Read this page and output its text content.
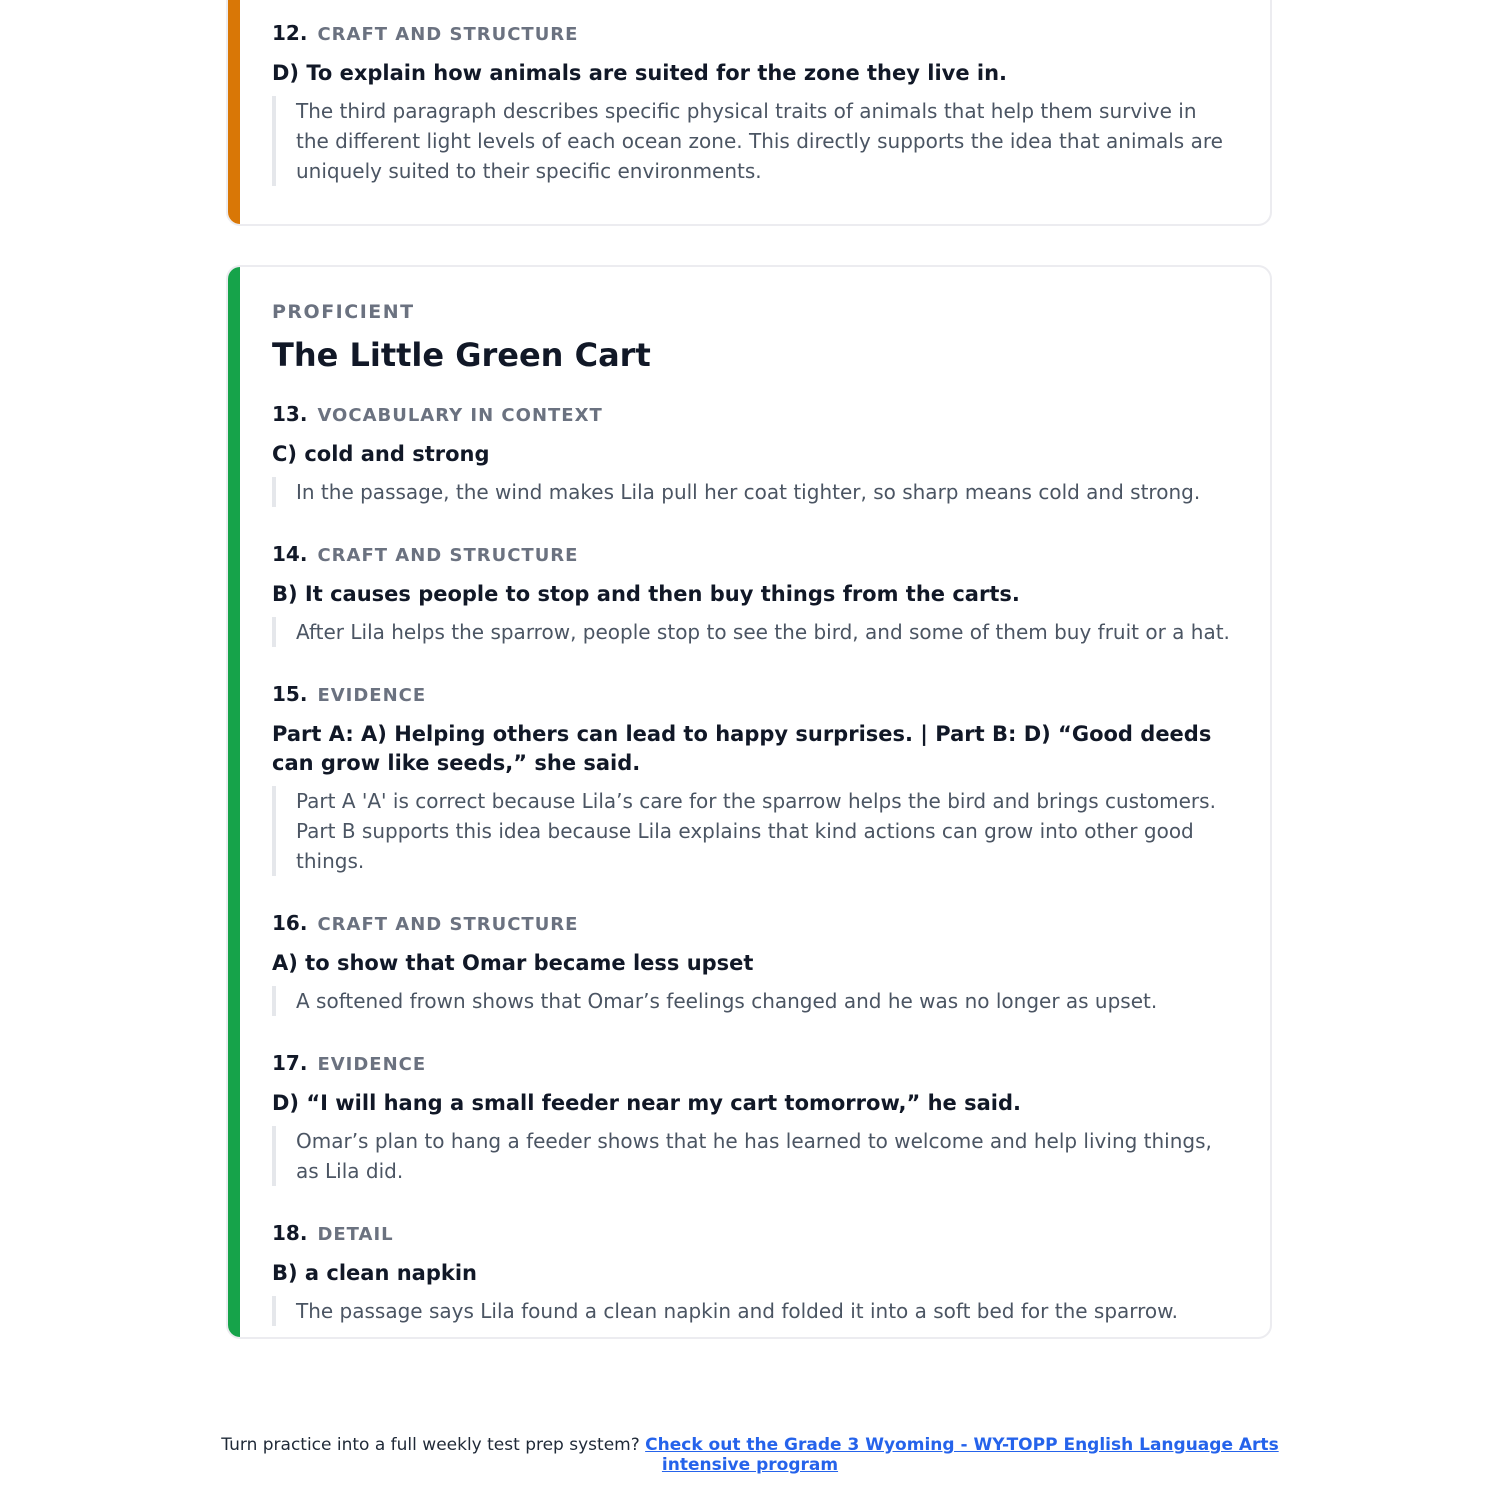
12. CRAFT AND STRUCTURE
D) To explain how animals are suited for the zone they live in.
The third paragraph describes specific physical traits of animals that help them survive in the different light levels of each ocean zone. This directly supports the idea that animals are uniquely suited to their specific environments.
PROFICIENT
The Little Green Cart
13. VOCABULARY IN CONTEXT
C) cold and strong
In the passage, the wind makes Lila pull her coat tighter, so sharp means cold and strong.
14. CRAFT AND STRUCTURE
B) It causes people to stop and then buy things from the carts.
After Lila helps the sparrow, people stop to see the bird, and some of them buy fruit or a hat.
15. EVIDENCE
Part A: A) Helping others can lead to happy surprises. | Part B: D) “Good deeds can grow like seeds,” she said.
Part A 'A' is correct because Lila’s care for the sparrow helps the bird and brings customers. Part B supports this idea because Lila explains that kind actions can grow into other good things.
16. CRAFT AND STRUCTURE
A) to show that Omar became less upset
A softened frown shows that Omar’s feelings changed and he was no longer as upset.
17. EVIDENCE
D) “I will hang a small feeder near my cart tomorrow,” he said.
Omar’s plan to hang a feeder shows that he has learned to welcome and help living things, as Lila did.
18. DETAIL
B) a clean napkin
The passage says Lila found a clean napkin and folded it into a soft bed for the sparrow.
Turn practice into a full weekly test prep system? Check out the Grade 3 Wyoming - WY-TOPP English Language Arts intensive program
